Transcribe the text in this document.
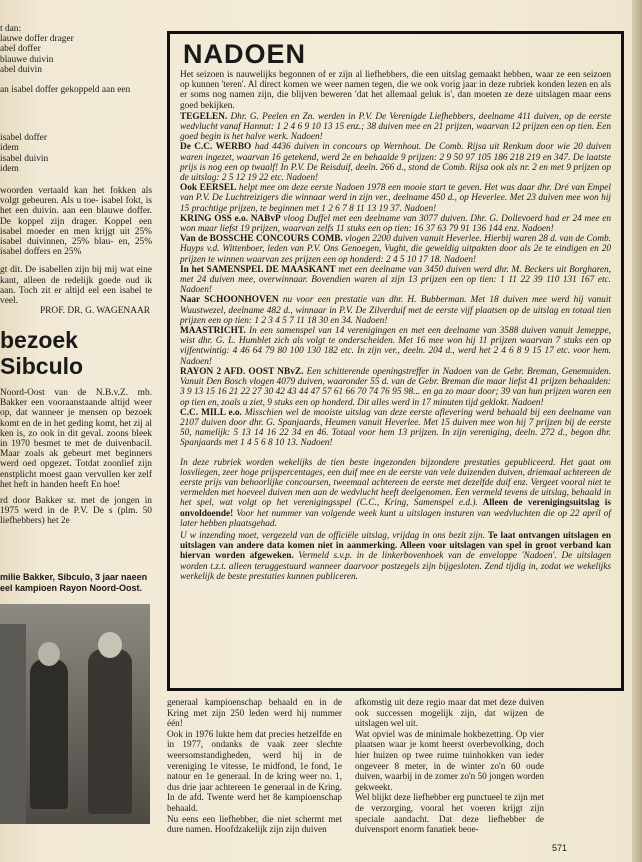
t dan:

lauwe doffer drager

abel doffer

blauwe duivin

abel duivin

an isabel doffer gekoppeld aan een

isabel doffer

idem

isabel duivin

idem

woorden vertaald kan het fokken als volgt gebeuren. Als u toe- isabel fokt, is het een duivin. aan een blauwe doffer. De koppel zijn drager. Koppel een isabel moeder en men krijgt uit 25% isabel duivinnen, 25% blau- en, 25% isabel doffers en 25%

gt dit. De isabellen zijn bij mij wat eine kant, alleen de redelijk goede oud ik aan. Toch zit er altijd eel een isabel te veel.

PROF. DR. G. WAGENAAR

bezoek
Sibculo

Noord-Oost van de N.B.v.Z. mb. Bakker een vooraanstaande altijd weer op, dat wanneer je mensen op bezoek komt en de in het geding komt, het zij al ken is, zo ook in dit geval. zoons bleek in 1970 besmet te met de duivenbacil. Maar zoals ak gebeurt met beginners werd oed opgezet. Totdat zoonlief zijn enstplicht moest gaan vervullen ker zelf het heft in handen heeft En hoe!

rd door Bakker sr. met de jongen in 1975 werd in de P.V. De s (plm. 50 liefhebbers) het 2e

milie Bakker, Sibculo, 3 jaar naeen eel kampioen Rayon Noord-Oost.
NADOEN

Het seizoen is nauwelijks begonnen of er zijn al liefhebbers, die een uitslag gemaakt hebben, waar ze een seizoen op kunnen 'teren'. Al direct komen we weer namen tegen, die we ook vorig jaar in deze rubriek konden lezen en als er soms nog namen zijn, die blijven beweren 'dat het allemaal geluk is', dan moeten ze deze uitslagen maar eens goed bekijken.

TEGELEN. Dhr. G. Peelen en Zn. werden in P.V. De Verenigde Liefhebbers, deelname 411 duiven, op de eerste wedvlucht vanaf Hannut: 1 2 4 6 9 10 13 15 enz.; 38 duiven mee en 21 prijzen, waarvan 12 prijzen een op tien. Een goed begin is het halve werk. Nadoen!

De C.C. WERBO had 4436 duiven in concours op Wernhout. De Comb. Rijsa uit Renkum door wie 20 duiven waren ingezet, waarvan 16 getekend, werd 2e en behaalde 9 prijzen: 2 9 50 97 105 186 218 219 en 347. De laatste prijs is nog een op twaalf! In P.V. De Reisduif, deeln. 266 d., stond de Comb. Rijsa ook als nr. 2 en met 9 prijzen op de uitslag: 2 5 12 19 22 etc. Nadoen!

Ook EERSEL helpt mee om deze eerste Nadoen 1978 een mooie start te geven. Het was daar dhr. Dré van Empel van P.V. De Luchtreizigers die winnaar werd in zijn ver., deelname 450 d., op Heverlee. Met 23 duiven mee won hij 15 prachtige prijzen, te beginnen met 1 2 6 7 8 11 13 19 37. Nadoen!

KRING OSS e.o. NABvP vloog Duffel met een deelname van 3077 duiven. Dhr. G. Dollevoerd had er 24 mee en won maar liefst 19 prijzen, waarvan zelfs 11 stuks een op tien: 16 37 63 79 91 136 144 enz. Nadoen!

Van de BOSSCHE CONCOURS COMB. vlogen 2200 duiven vanuit Heverlee. Hierbij waren 28 d. van de Comb. Huyps v.d. Wittenboer, leden van P.V. Ons Genoegen, Vught, die geweldig uitpakten door als 2e te eindigen en 20 prijzen te winnen waarvan zes prijzen een op honderd: 2 4 5 10 17 18. Nadoen!

In het SAMENSPEL DE MAASKANT met een deelname van 3450 duiven werd dhr. M. Beckers uit Borgharen, met 24 duiven mee, overwinnaar. Bovendien waren al zijn 13 prijzen een op tien: 1 11 22 39 110 131 167 etc. Nadoen!

Naar SCHOONHOVEN nu voor een prestatie van dhr. H. Bubberman. Met 18 duiven mee werd hij vanuit Wuustwezel, deelname 482 d., winnaar in P.V. De Zilverduif met de eerste vijf plaatsen op de uitslag en totaal tien prijzen een op tien: 1 2 3 4 5 7 11 18 30 en 34. Nadoen!

MAASTRICHT. In een samenspel van 14 verenigingen en met een deelname van 3588 duiven vanuit Jemeppe, wist dhr. G. L. Humblet zich als volgt te onderscheiden. Met 16 mee won hij 11 prijzen waarvan 7 stuks een op vijfentwintig: 4 46 64 79 80 100 130 182 etc. In zijn ver., deeln. 204 d., werd het 2 4 6 8 9 15 17 etc. voor hem. Nadoen!

RAYON 2 AFD. OOST NBvZ. Een schitterende openingstreffer in Nadoen van de Gebr. Breman, Genemuiden. Vanuit Den Bosch vlogen 4079 duiven, waaronder 55 d. van de Gebr. Breman die maar liefst 41 prijzen behaalden: 3 9 13 15 16 21 22 27 30 42 43 44 47 57 61 66 70 74 76 95 98... en ga zo maar door; 39 van hun prijzen waren een op tien en, zoals u ziet, 9 stuks een op honderd. Dit alles werd in 17 minuten tijd geklokt. Nadoen!

C.C. MILL e.o. Misschien wel de mooiste uitslag van deze eerste aflevering werd behaald bij een deelname van 2107 duiven door dhr. G. Spanjaards, Heumen vanuit Heverlee. Met 15 duiven mee won hij 7 prijzen bij de eerste 50, namelijk: 5 13 14 16 22 34 en 46. Totaal voor hem 13 prijzen. In zijn vereniging, deeln. 272 d., begon dhr. Spanjaards met 1 4 5 6 8 10 13. Nadoen!

In deze rubriek worden wekelijks de tien beste ingezonden bijzondere prestaties gepubliceerd. Het gaat om losvliegen, zeer hoge prijspercentages, een duif mee en de eerste van vele duizenden duiven, driemaal achtereen de eerste prijs van behoorlijke concoursen, tweemaal achtereen de eerste met dezelfde duif enz. Vergeet vooral niet te vermelden met hoeveel duiven men aan de wedvlucht heeft deelgenomen. Een vermeld tevens de uitslag, behaald in het spel, wat volgt op het verenigingsspel (C.C., Kring, Samenspel e.d.). Alleen de verenigingsuitslag is onvoldoende! Voor het nummer van volgende week kunt u uitslagen insturen van wedvluchten die op 22 april of later hebben plaatsgehad.

U w inzending moet, vergezeld van de officiële uitslag, vrijdag in ons bezit zijn. Te laat ontvangen uitslagen en uitslagen van andere data komen niet in aanmerking. Alleen voor uitslagen van spel in groot verband kan hiervan worden afgeweken. Vermeld s.v.p. in de linkerbovenhoek van de enveloppe 'Nadoen'. De uitslagen worden t.z.t. alleen teruggestuurd wanneer daarvoor postzegels zijn bijgesloten. Zend tijdig in, zodat we wekelijks werkelijk de beste prestaties kunnen publiceren.

generaal kampioenschap behaald en in de Kring met zijn 250 leden werd hij nummer één!

Ook in 1976 lukte hem dat precies hetzelfde en in 1977, ondanks de vaak zeer slechte weersomstandigheden, werd hij in de vereniging 1e vitesse, 1e midfond, 1e fond, 1e natour en 1e generaal. In de kring weer no. 1, dus drie jaar achtereen 1e generaal in de Kring. In de afd. Twente werd het 8e kampioenschap behaald.

Nu eens een liefhebber, die niet schermt met dure namen. Hoofdzakelijk zijn zijn duiven

afkomstig uit deze regio maar dat met deze duiven ook successen mogelijk zijn, dat wijzen de uitslagen wel uit.

Wat opviel was de minimale hokbezetting. Op vier plaatsen waar je komt heerst overbevolking, doch hier huizen op twee ruime tuinhokken van ieder ongeveer 8 meter, in de winter zo'n 60 oude duiven, waarbij in de zomer zo'n 50 jongen worden gekweekt.

Wel blijkt deze liefhebber erg punctueel te zijn met de verzorging, vooral het voeren krijgt zijn speciale aandacht. Dat deze liefhebber de duivensport enorm fanatiek beoe-

571
